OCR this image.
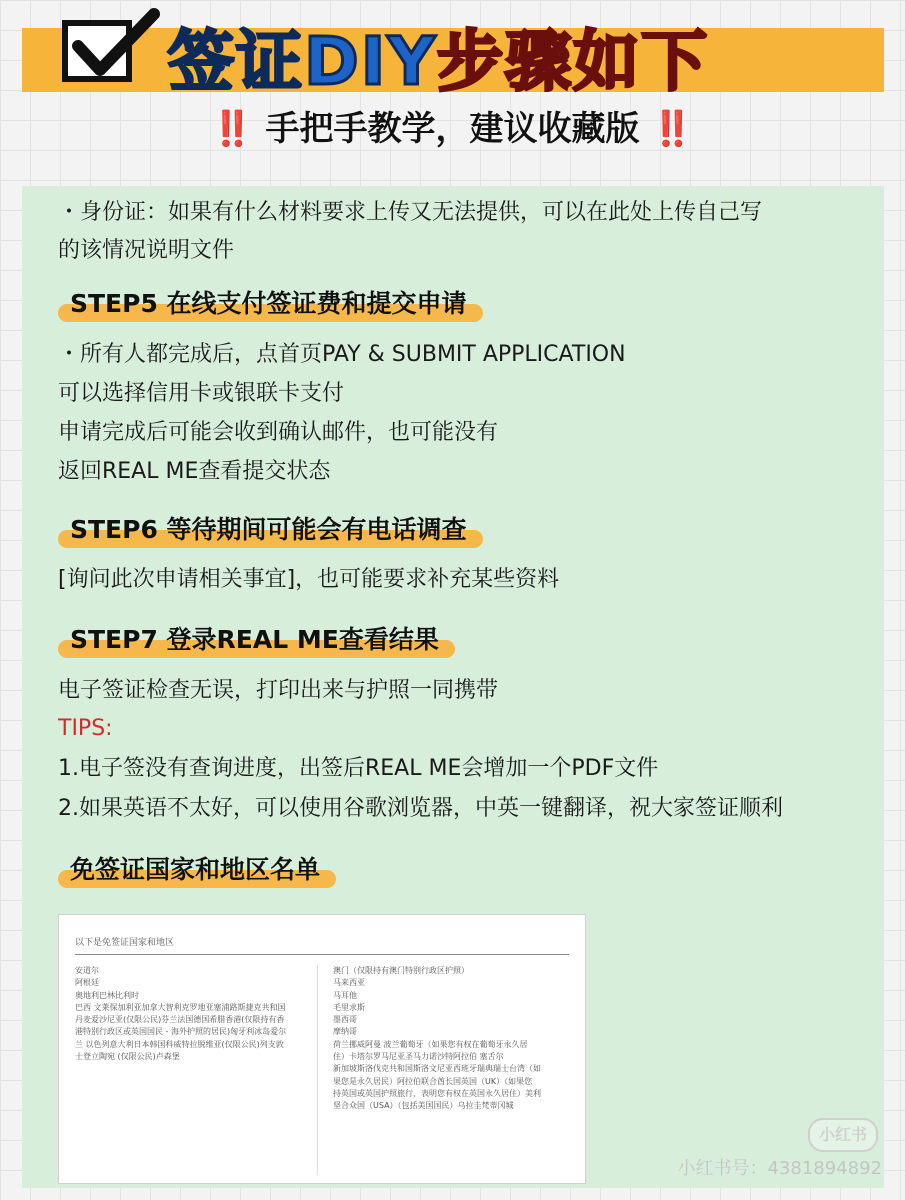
签证DIY步骤如下
‼️ 手把手教学，建议收藏版 ‼️
・身份证：如果有什么材料要求上传又无法提供，可以在此处上传自己写
的该情况说明文件
STEP5 在线支付签证费和提交申请
・所有人都完成后，点首页PAY & SUBMIT APPLICATION
可以选择信用卡或银联卡支付
申请完成后可能会收到确认邮件，也可能没有
返回REAL ME查看提交状态
STEP6 等待期间可能会有电话调查
[询问此次申请相关事宜]，也可能要求补充某些资料
STEP7 登录REAL ME查看结果
电子签证检查无误，打印出来与护照一同携带
TIPS:
1.电子签没有查询进度，出签后REAL ME会增加一个PDF文件
2.如果英语不太好，可以使用谷歌浏览器，中英一键翻译，祝大家签证顺利
免签证国家和地区名单
以下是免签证国家和地区
安道尔
阿根廷
奥地利巴林比利时
巴西 文莱保加利亚加拿大智利克罗地亚塞浦路斯捷克共和国
丹麦爱沙尼亚(仅限公民)芬兰法国德国希腊香港(仅限持有香
港特别行政区或英国国民 - 海外护照的居民)匈牙利冰岛爱尔
兰 以色列意大利日本韩国科威特拉脱维亚(仅限公民)列支敦
士登立陶宛 (仅限公民)卢森堡
澳门（仅限持有澳门特别行政区护照）
马来西亚
马耳他
毛里求斯
墨西哥
摩纳哥
荷兰挪威阿曼 波兰葡萄牙（如果您有权在葡萄牙永久居
住）卡塔尔罗马尼亚圣马力诺沙特阿拉伯 塞舌尔
新加坡斯洛伐克共和国斯洛文尼亚西班牙瑞典瑞士台湾（如
果您是永久居民）阿拉伯联合酋长国英国（UK）（如果您
持英国或英国护照旅行，表明您有权在英国永久居住）美利
坚合众国（USA）（包括美国国民）乌拉圭梵蒂冈城
小红书
小红书号：4381894892
